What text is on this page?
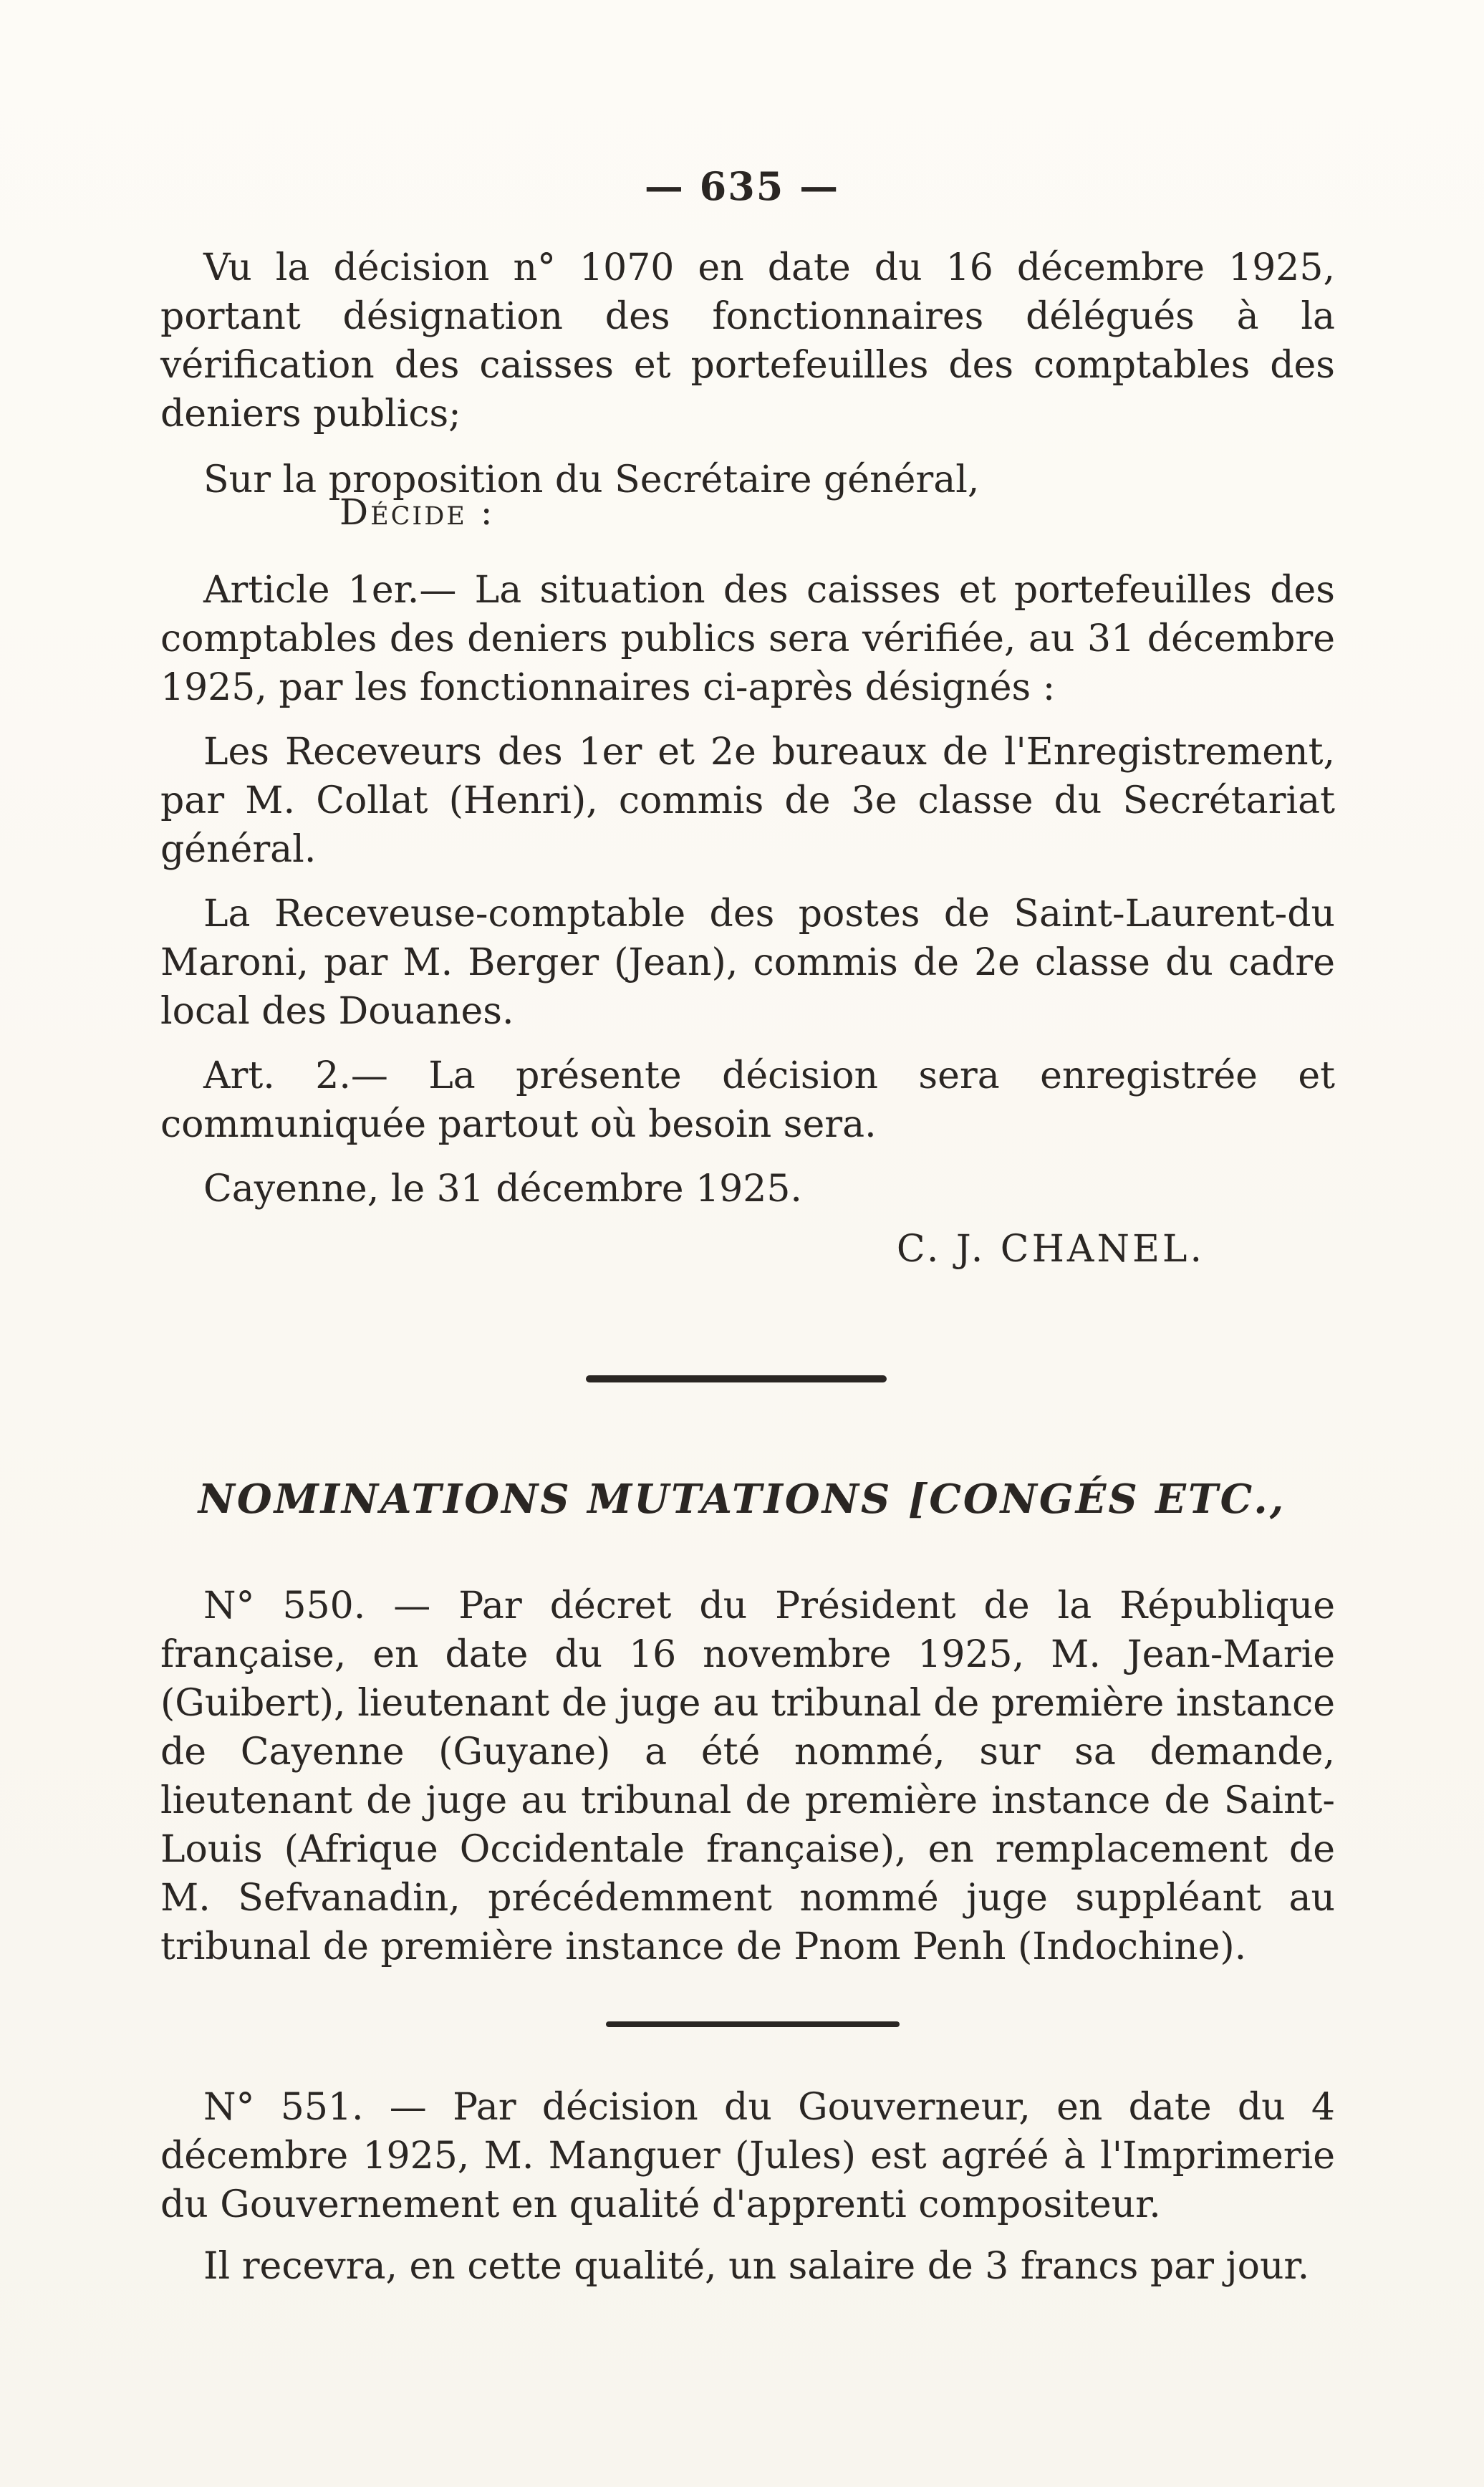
— 635 —

Vu la décision n° 1070 en date du 16 décembre 1925, portant désignation des fonctionnaires délégués à la vérification des caisses et portefeuilles des comptables des deniers publics;

Sur la proposition du Secrétaire général,

Décide :

Article 1er.— La situation des caisses et portefeuilles des comptables des deniers publics sera vérifiée, au 31 décembre 1925, par les fonctionnaires ci-après désignés :

Les Receveurs des 1er et 2e bureaux de l'Enregistrement, par M. Collat (Henri), commis de 3e classe du Secrétariat général.

La Receveuse-comptable des postes de Saint-Laurent-du Maroni, par M. Berger (Jean), commis de 2e classe du cadre local des Douanes.

Art. 2.— La présente décision sera enregistrée et communiquée partout où besoin sera.

Cayenne, le 31 décembre 1925.

C. J. CHANEL.
NOMINATIONS MUTATIONS [CONGÉS ETC.,

N° 550. — Par décret du Président de la République française, en date du 16 novembre 1925, M. Jean-Marie (Guibert), lieutenant de juge au tribunal de première instance de Cayenne (Guyane) a été nommé, sur sa demande, lieutenant de juge au tribunal de première instance de Saint-Louis (Afrique Occidentale française), en remplacement de M. Sefvanadin, précédemment nommé juge suppléant au tribunal de première instance de Pnom Penh (Indochine).

N° 551. — Par décision du Gouverneur, en date du 4 décembre 1925, M. Manguer (Jules) est agréé à l'Imprimerie du Gouvernement en qualité d'apprenti compositeur.

Il recevra, en cette qualité, un salaire de 3 francs par jour.
